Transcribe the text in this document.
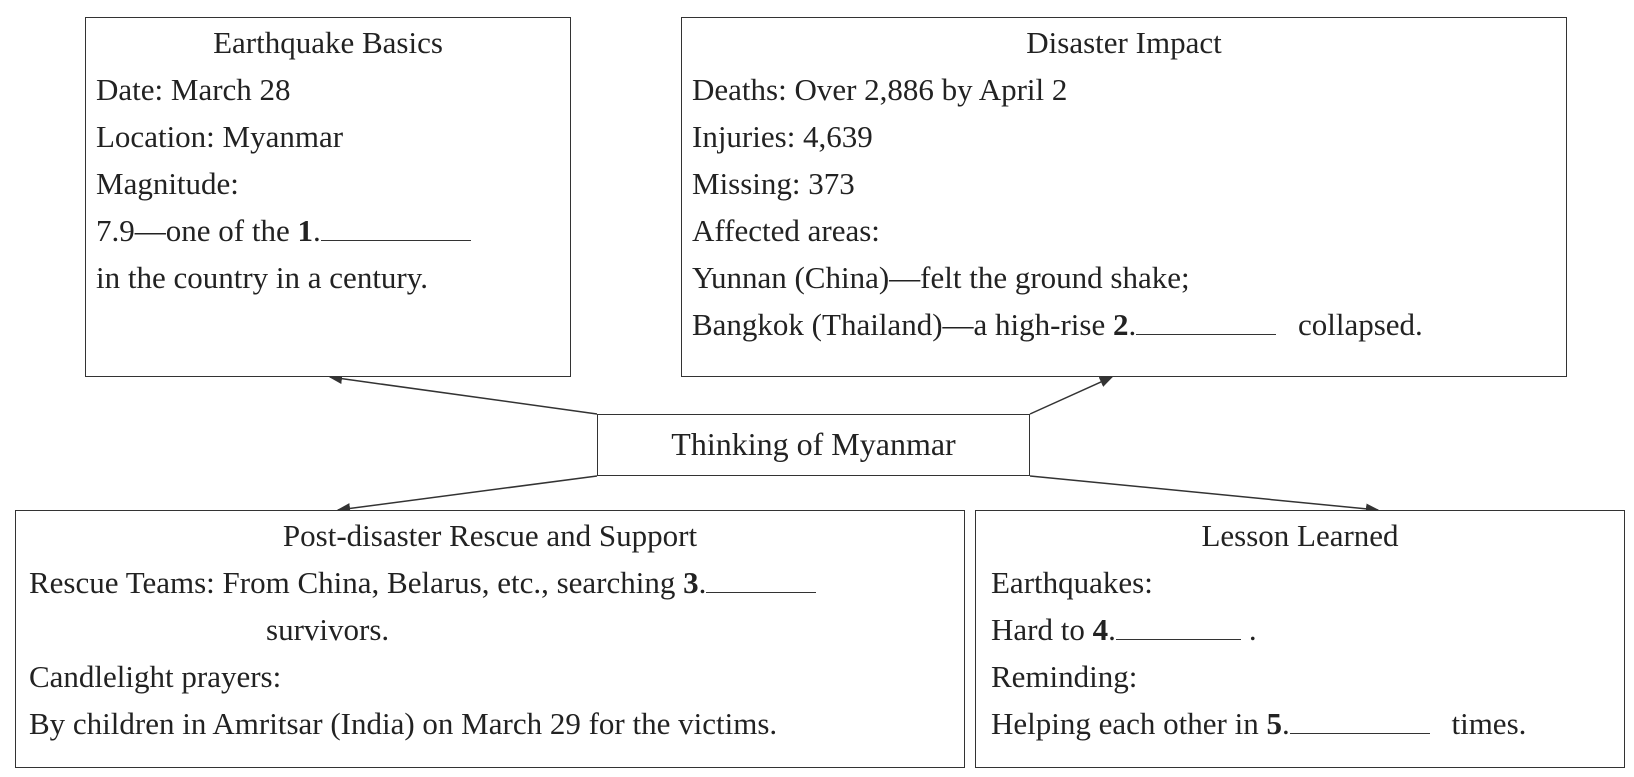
Earthquake Basics
Date: March 28
Location: Myanmar
Magnitude:
7.9—one of the 1.
in the country in a century.
Disaster Impact
Deaths: Over 2,886 by April 2
Injuries: 4,639
Missing: 373
Affected areas:
Yunnan (China)—felt the ground shake;
Bangkok (Thailand)—a high-rise 2.	collapsed.
Thinking of Myanmar
Post-disaster Rescue and Support
Rescue Teams: From China, Belarus, etc., searching 3.
survivors.
Candlelight prayers:
By children in Amritsar (India) on March 29 for the victims.
Lesson Learned
Earthquakes:
Hard to 4.	.
Reminding:
Helping each other in 5.	times.
